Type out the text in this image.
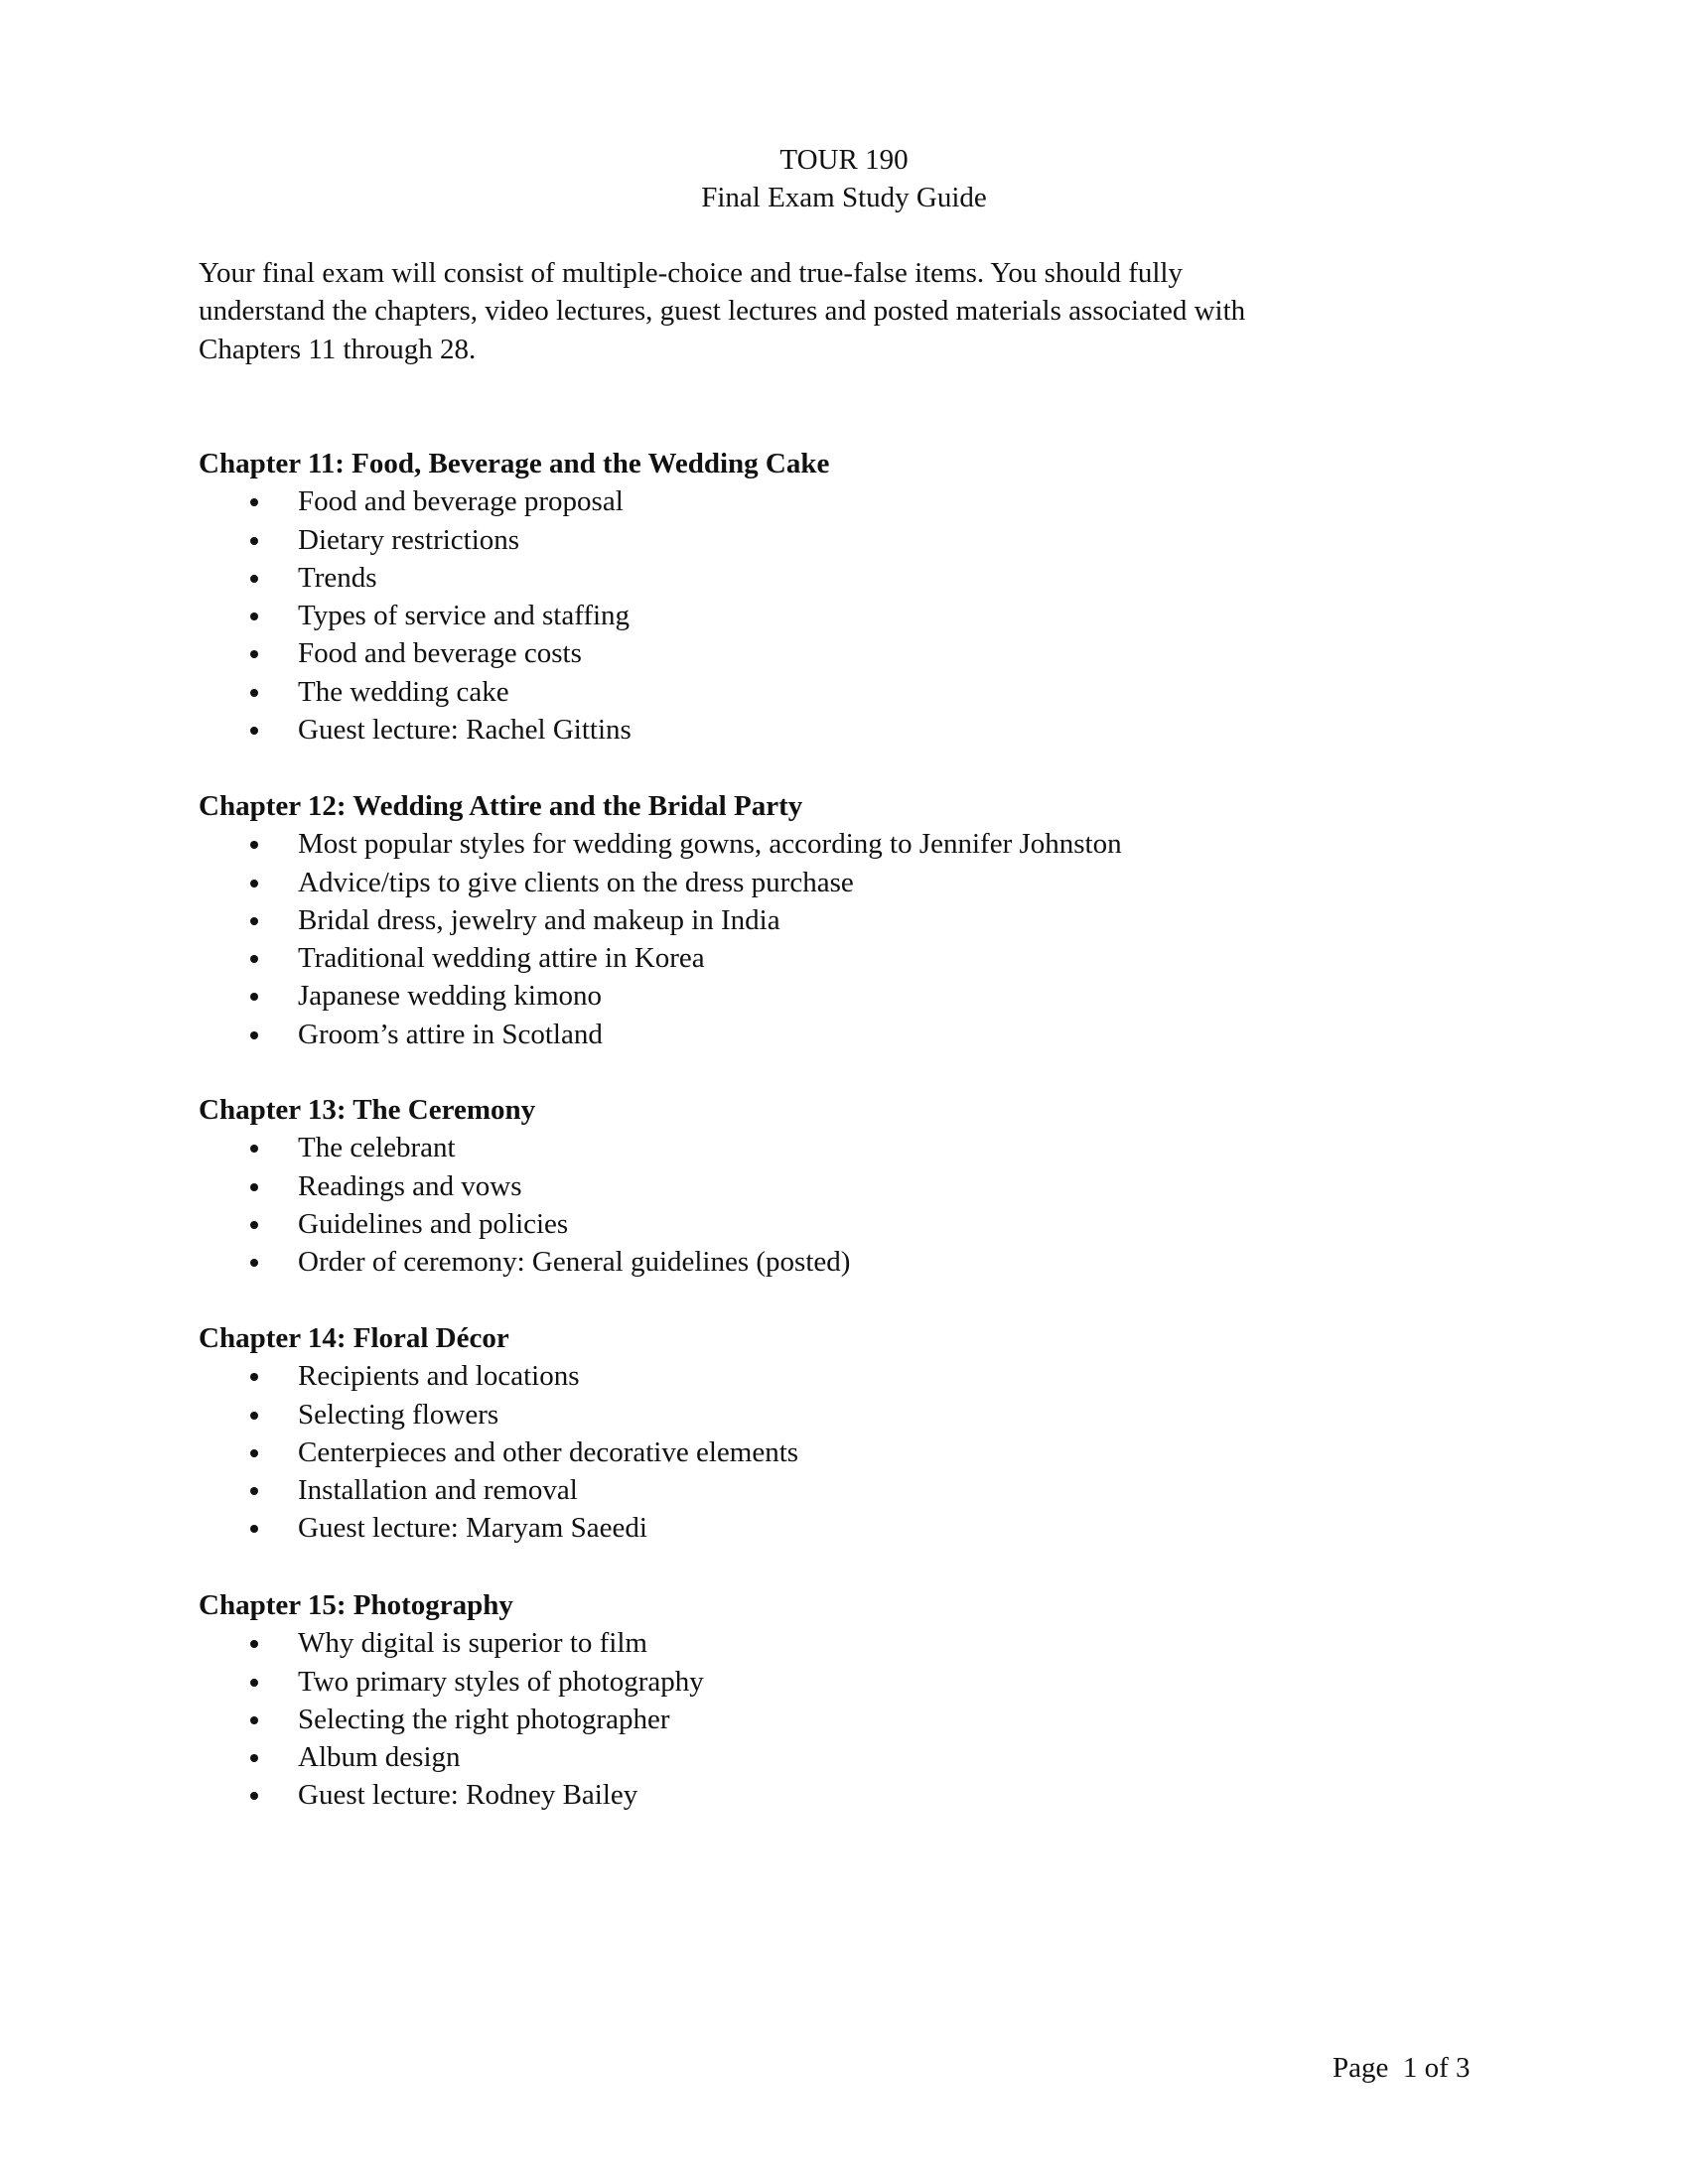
TOUR 190
Final Exam Study Guide
Your final exam will consist of multiple-choice and true-false items. You should fully
understand the chapters, video lectures, guest lectures and posted materials associated with
Chapters 11 through 28.
Chapter 11: Food, Beverage and the Wedding Cake
Food and beverage proposal
Dietary restrictions
Trends
Types of service and staffing
Food and beverage costs
The wedding cake
Guest lecture: Rachel Gittins
Chapter 12: Wedding Attire and the Bridal Party
Most popular styles for wedding gowns, according to Jennifer Johnston
Advice/tips to give clients on the dress purchase
Bridal dress, jewelry and makeup in India
Traditional wedding attire in Korea
Japanese wedding kimono
Groom’s attire in Scotland
Chapter 13: The Ceremony
The celebrant
Readings and vows
Guidelines and policies
Order of ceremony: General guidelines (posted)
Chapter 14: Floral Décor
Recipients and locations
Selecting flowers
Centerpieces and other decorative elements
Installation and removal
Guest lecture: Maryam Saeedi
Chapter 15: Photography
Why digital is superior to film
Two primary styles of photography
Selecting the right photographer
Album design
Guest lecture: Rodney Bailey
Page  1 of 3
